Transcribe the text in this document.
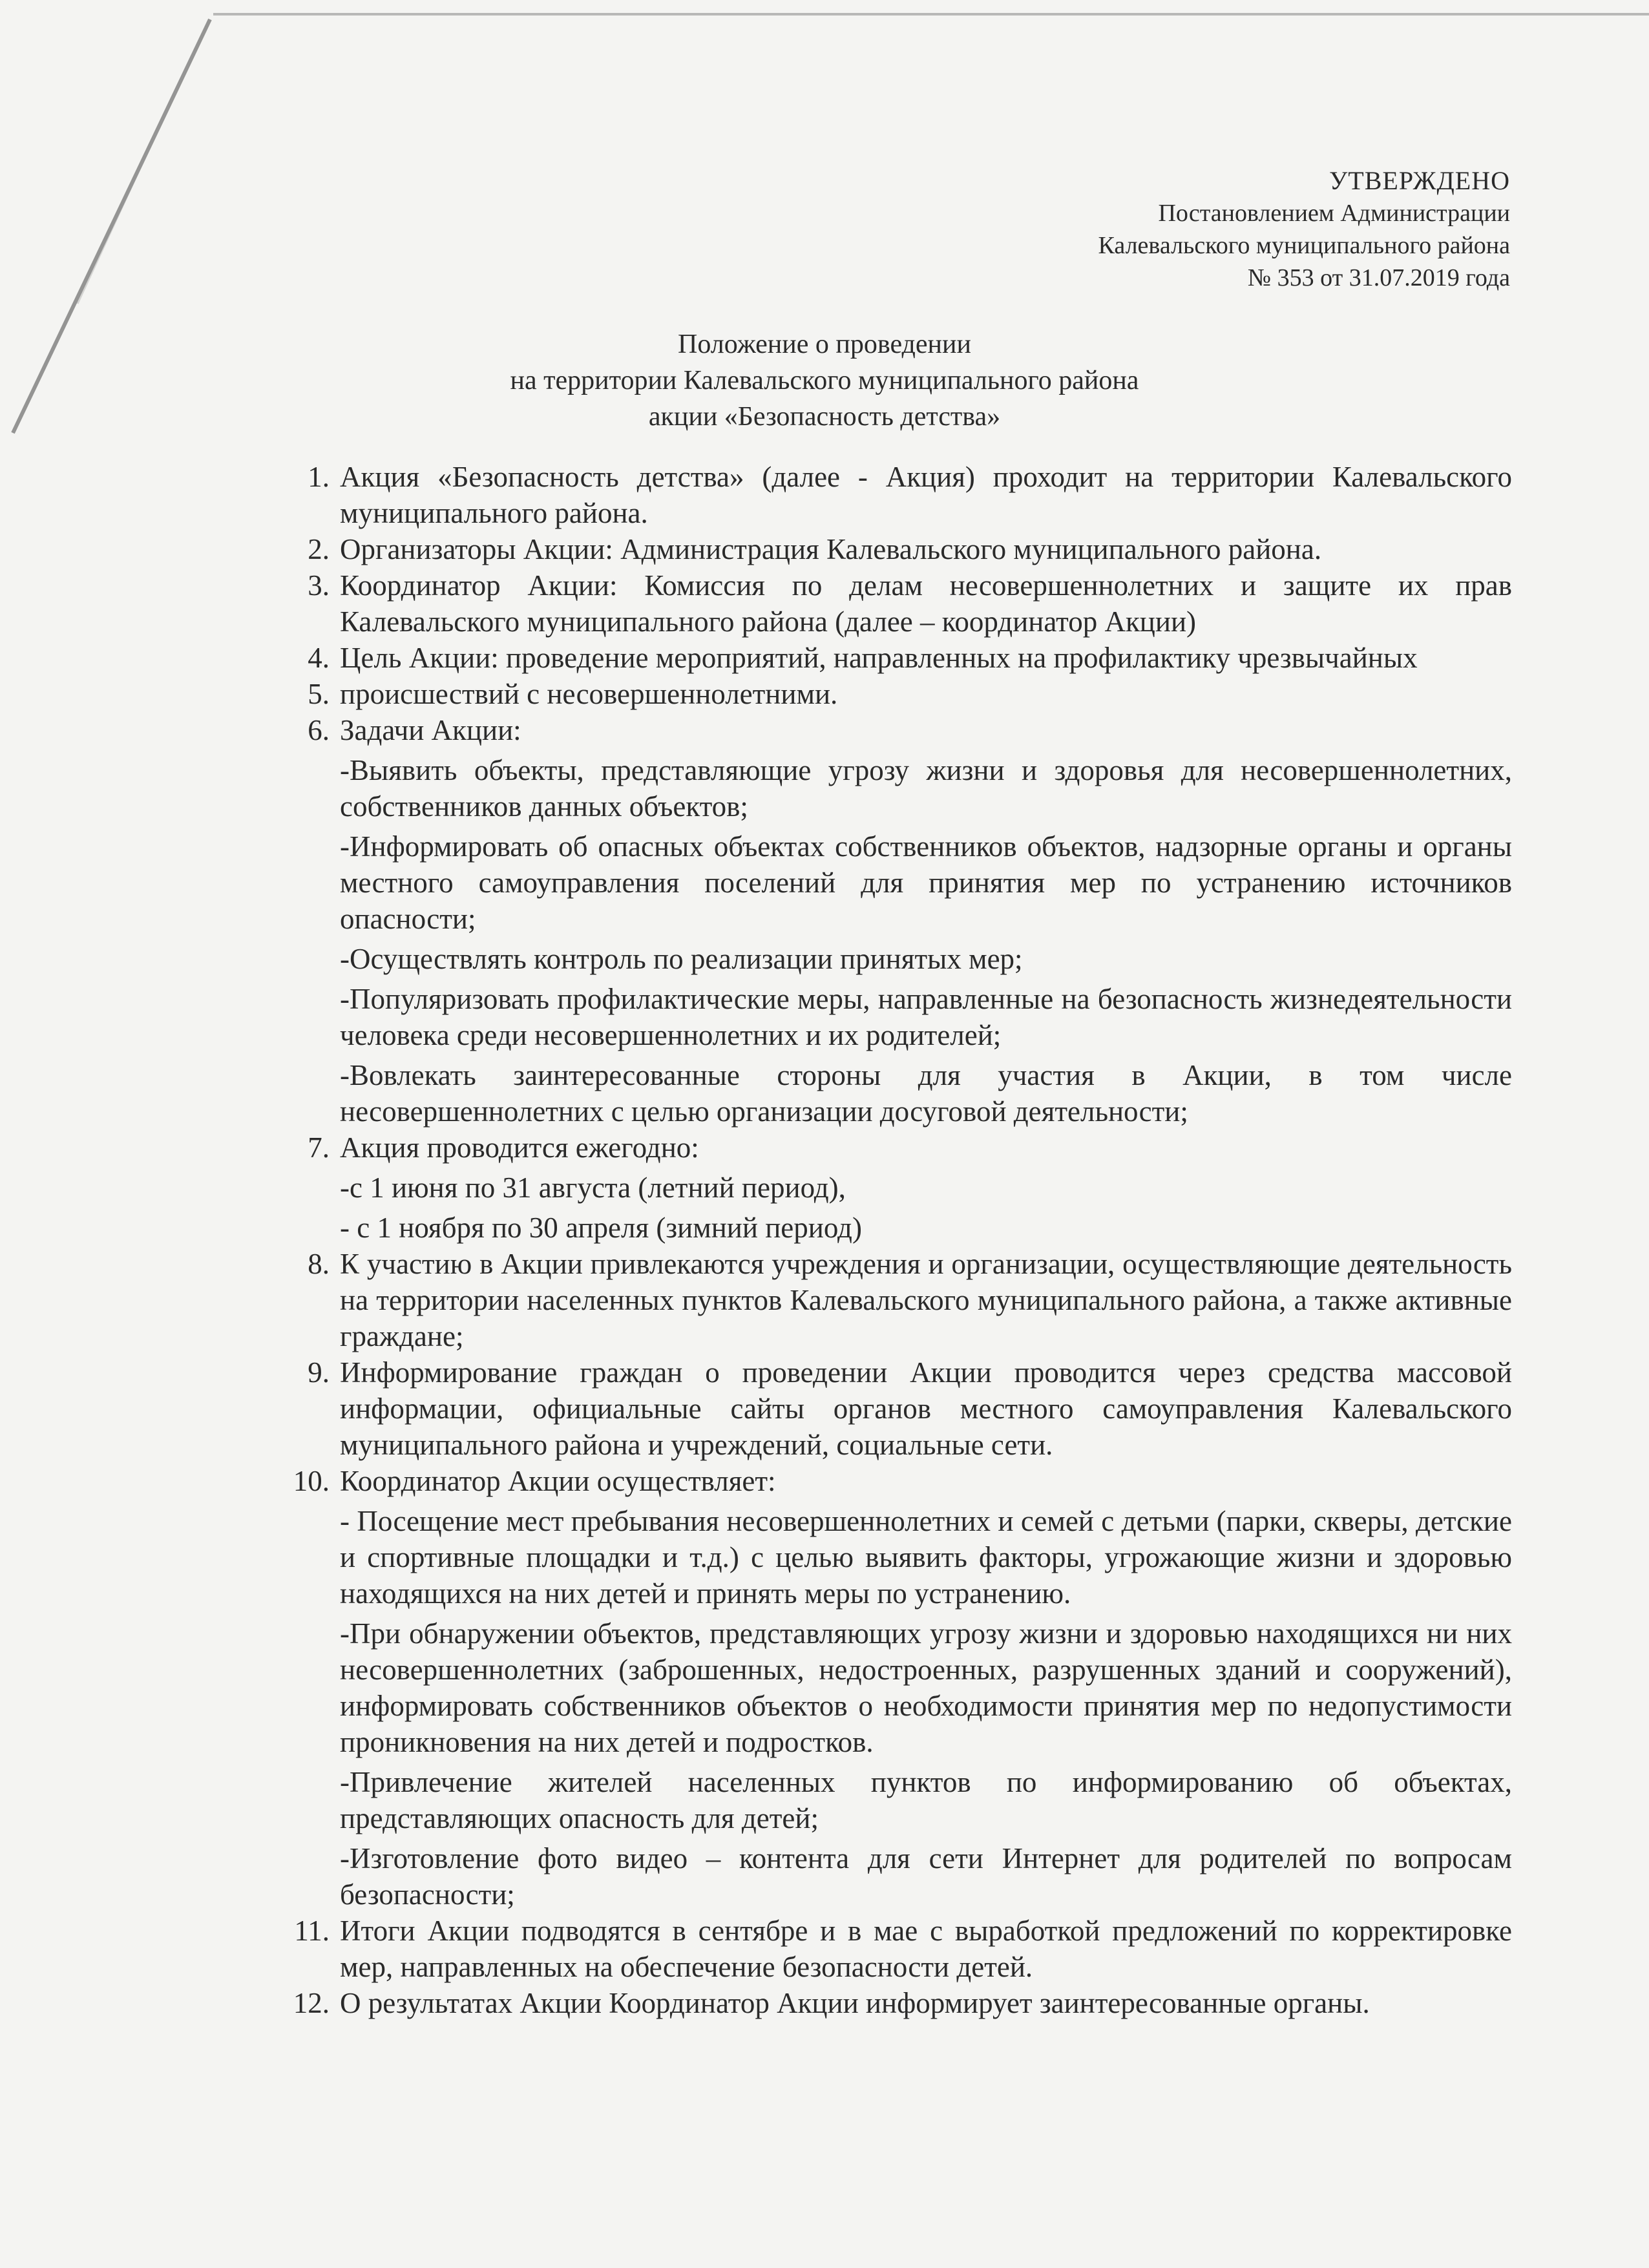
УТВЕРЖДЕНО
Постановлением Администрации
Калевальского муниципального района
№ 353 от 31.07.2019 года
Положение о проведении
на территории Калевальского муниципального района
акции «Безопасность детства»
1. Акция «Безопасность детства» (далее - Акция) проходит на территории Калевальского муниципального района.
2. Организаторы Акции: Администрация Калевальского муниципального района.
3. Координатор Акции: Комиссия по делам несовершеннолетних и защите их прав Калевальского муниципального района (далее – координатор Акции)
4. Цель Акции: проведение мероприятий, направленных на профилактику чрезвычайных
5. происшествий с несовершеннолетними.
6. Задачи Акции:
-Выявить объекты, представляющие угрозу жизни и здоровья для несовершеннолетних, собственников данных объектов;
-Информировать об опасных объектах собственников объектов, надзорные органы и органы местного самоуправления поселений для принятия мер по устранению источников опасности;
-Осуществлять контроль по реализации принятых мер;
-Популяризовать профилактические меры, направленные на безопасность жизнедеятельности человека среди несовершеннолетних и их родителей;
-Вовлекать заинтересованные стороны для участия в Акции, в том числе несовершеннолетних с целью организации досуговой деятельности;
7. Акция проводится ежегодно:
-с 1 июня по 31 августа (летний период),
- с 1 ноября по 30 апреля (зимний период)
8. К участию в Акции привлекаются учреждения и организации, осуществляющие деятельность на территории населенных пунктов Калевальского муниципального района, а также активные граждане;
9. Информирование граждан о проведении Акции проводится через средства массовой информации, официальные сайты органов местного самоуправления Калевальского муниципального района и учреждений, социальные сети.
10. Координатор Акции осуществляет:
- Посещение мест пребывания несовершеннолетних и семей с детьми (парки, скверы, детские и спортивные площадки и т.д.) с целью выявить факторы, угрожающие жизни и здоровью находящихся на них детей и принять меры по устранению.
-При обнаружении объектов, представляющих угрозу жизни и здоровью находящихся ни них несовершеннолетних (заброшенных, недостроенных, разрушенных зданий и сооружений), информировать собственников объектов о необходимости принятия мер по недопустимости проникновения на них детей и подростков.
-Привлечение жителей населенных пунктов по информированию об объектах, представляющих опасность для детей;
-Изготовление фото видео – контента для сети Интернет для родителей по вопросам безопасности;
11. Итоги Акции подводятся в сентябре и в мае с выработкой предложений по корректировке мер, направленных на обеспечение безопасности детей.
12. О результатах Акции Координатор Акции информирует заинтересованные органы.
